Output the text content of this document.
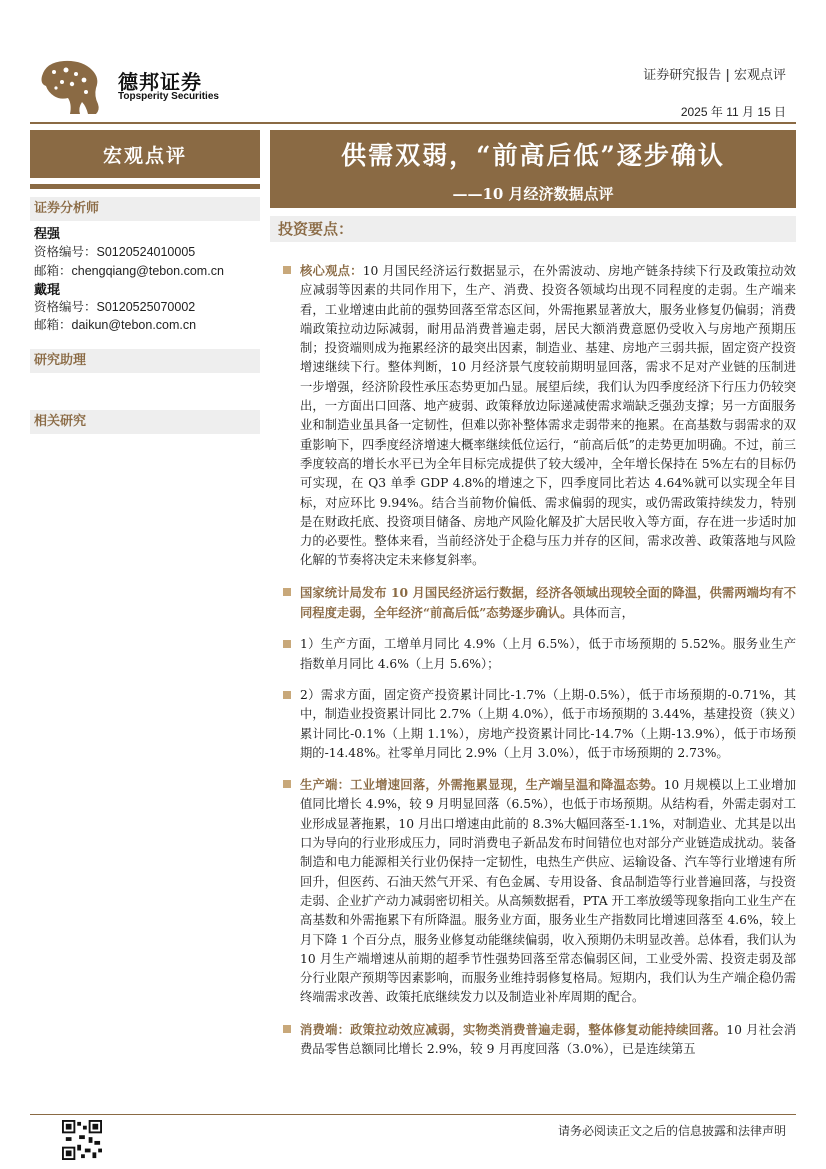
德邦证券
Topsperity Securities
证券研究报告 | 宏观点评
2025 年 11 月 15 日
宏观点评
证券分析师
程强
资格编号：S0120524010005
邮箱：chengqiang@tebon.com.cn
戴琨
资格编号：S0120525070002
邮箱：daikun@tebon.com.cn
研究助理
相关研究
供需双弱，“前高后低”逐步确认
——10 月经济数据点评
投资要点：
核心观点：10 月国民经济运行数据显示，在外需波动、房地产链条持续下行及政策拉动效应减弱等因素的共同作用下，生产、消费、投资各领域均出现不同程度的走弱。生产端来看，工业增速由此前的强势回落至常态区间，外需拖累显著放大，服务业修复仍偏弱；消费端政策拉动边际减弱，耐用品消费普遍走弱，居民大额消费意愿仍受收入与房地产预期压制；投资端则成为拖累经济的最突出因素，制造业、基建、房地产三弱共振，固定资产投资增速继续下行。整体判断，10 月经济景气度较前期明显回落，需求不足对产业链的压制进一步增强，经济阶段性承压态势更加凸显。展望后续，我们认为四季度经济下行压力仍较突出，一方面出口回落、地产疲弱、政策释放边际递减使需求端缺乏强劲支撑；另一方面服务业和制造业虽具备一定韧性，但难以弥补整体需求走弱带来的拖累。在高基数与弱需求的双重影响下，四季度经济增速大概率继续低位运行，“前高后低”的走势更加明确。不过，前三季度较高的增长水平已为全年目标完成提供了较大缓冲，全年增长保持在 5%左右的目标仍可实现，在 Q3 单季 GDP 4.8%的增速之下，四季度同比若达 4.64%就可以实现全年目标，对应环比 9.94%。结合当前物价偏低、需求偏弱的现实，或仍需政策持续发力，特别是在财政托底、投资项目储备、房地产风险化解及扩大居民收入等方面，存在进一步适时加力的必要性。整体来看，当前经济处于企稳与压力并存的区间，需求改善、政策落地与风险化解的节奏将决定未来修复斜率。
国家统计局发布 10 月国民经济运行数据，经济各领域出现较全面的降温，供需两端均有不同程度走弱，全年经济“前高后低”态势逐步确认。具体而言，
1）生产方面，工增单月同比 4.9%（上月 6.5%），低于市场预期的 5.52%。服务业生产指数单月同比 4.6%（上月 5.6%）；
2）需求方面，固定资产投资累计同比-1.7%（上期-0.5%），低于市场预期的-0.71%，其中，制造业投资累计同比 2.7%（上期 4.0%），低于市场预期的 3.44%，基建投资（狭义）累计同比-0.1%（上期 1.1%），房地产投资累计同比-14.7%（上期-13.9%），低于市场预期的-14.48%。社零单月同比 2.9%（上月 3.0%），低于市场预期的 2.73%。
生产端：工业增速回落，外需拖累显现，生产端呈温和降温态势。10 月规模以上工业增加值同比增长 4.9%，较 9 月明显回落（6.5%），也低于市场预期。从结构看，外需走弱对工业形成显著拖累，10 月出口增速由此前的 8.3%大幅回落至-1.1%，对制造业、尤其是以出口为导向的行业形成压力，同时消费电子新品发布时间错位也对部分产业链造成扰动。装备制造和电力能源相关行业仍保持一定韧性，电热生产供应、运输设备、汽车等行业增速有所回升，但医药、石油天然气开采、有色金属、专用设备、食品制造等行业普遍回落，与投资走弱、企业扩产动力减弱密切相关。从高频数据看，PTA 开工率放缓等现象指向工业生产在高基数和外需拖累下有所降温。服务业方面，服务业生产指数同比增速回落至 4.6%，较上月下降 1 个百分点，服务业修复动能继续偏弱，收入预期仍未明显改善。总体看，我们认为 10 月生产端增速从前期的超季节性强势回落至常态偏弱区间，工业受外需、投资走弱及部分行业限产预期等因素影响，而服务业维持弱修复格局。短期内，我们认为生产端企稳仍需终端需求改善、政策托底继续发力以及制造业补库周期的配合。
消费端：政策拉动效应减弱，实物类消费普遍走弱，整体修复动能持续回落。10 月社会消费品零售总额同比增长 2.9%，较 9 月再度回落（3.0%），已是连续第五
请务必阅读正文之后的信息披露和法律声明
